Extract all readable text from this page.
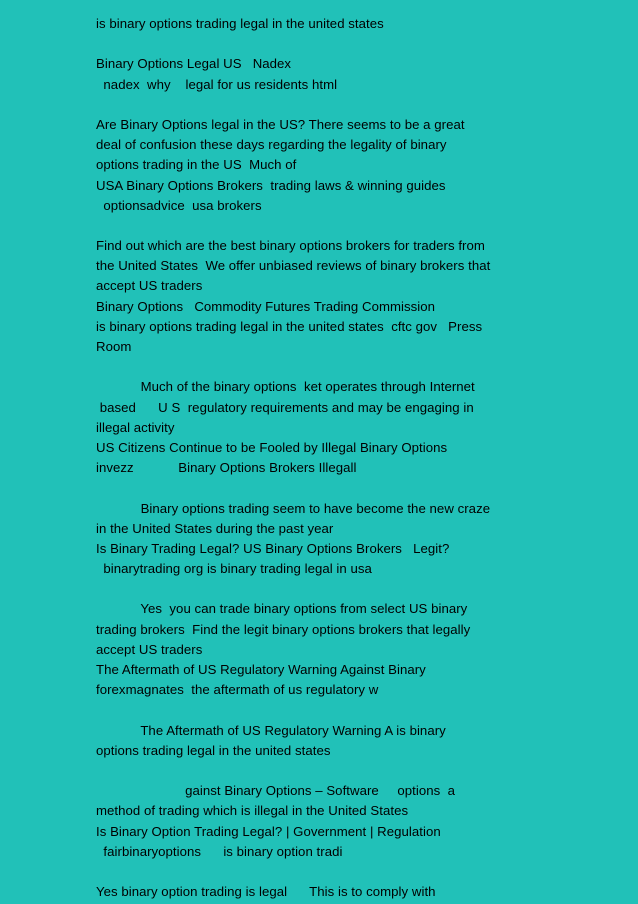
is binary options trading legal in the united states
Binary Options Legal US   Nadex
nadex  why    legal for us residents html
Are Binary Options legal in the US? There seems to be a great
deal of confusion these days regarding the legality of binary
options trading in the US  Much of
USA Binary Options Brokers  trading laws & winning guides
optionsadvice  usa brokers
Find out which are the best binary options brokers for traders from
the United States  We offer unbiased reviews of binary brokers that
accept US traders
Binary Options   Commodity Futures Trading Commission
is binary options trading legal in the united states  cftc gov   Press
Room
Much of the binary options  ket operates through Internet
based      U S  regulatory requirements and may be engaging in
illegal activity
US Citizens Continue to be Fooled by Illegal Binary Options
invezz            Binary Options Brokers Illegall
Binary options trading seem to have become the new craze
in the United States during the past year
Is Binary Trading Legal? US Binary Options Brokers   Legit?
binarytrading org is binary trading legal in usa
Yes  you can trade binary options from select US binary
trading brokers  Find the legit binary options brokers that legally
accept US traders
The Aftermath of US Regulatory Warning Against Binary
forexmagnates  the aftermath of us regulatory w
The Aftermath of US Regulatory Warning A is binary
options trading legal in the united states
gainst Binary Options – Software     options  a
method of trading which is illegal in the United States
Is Binary Option Trading Legal? | Government | Regulation
fairbinaryoptions      is binary option tradi
Yes binary option trading is legal      This is to comply with
